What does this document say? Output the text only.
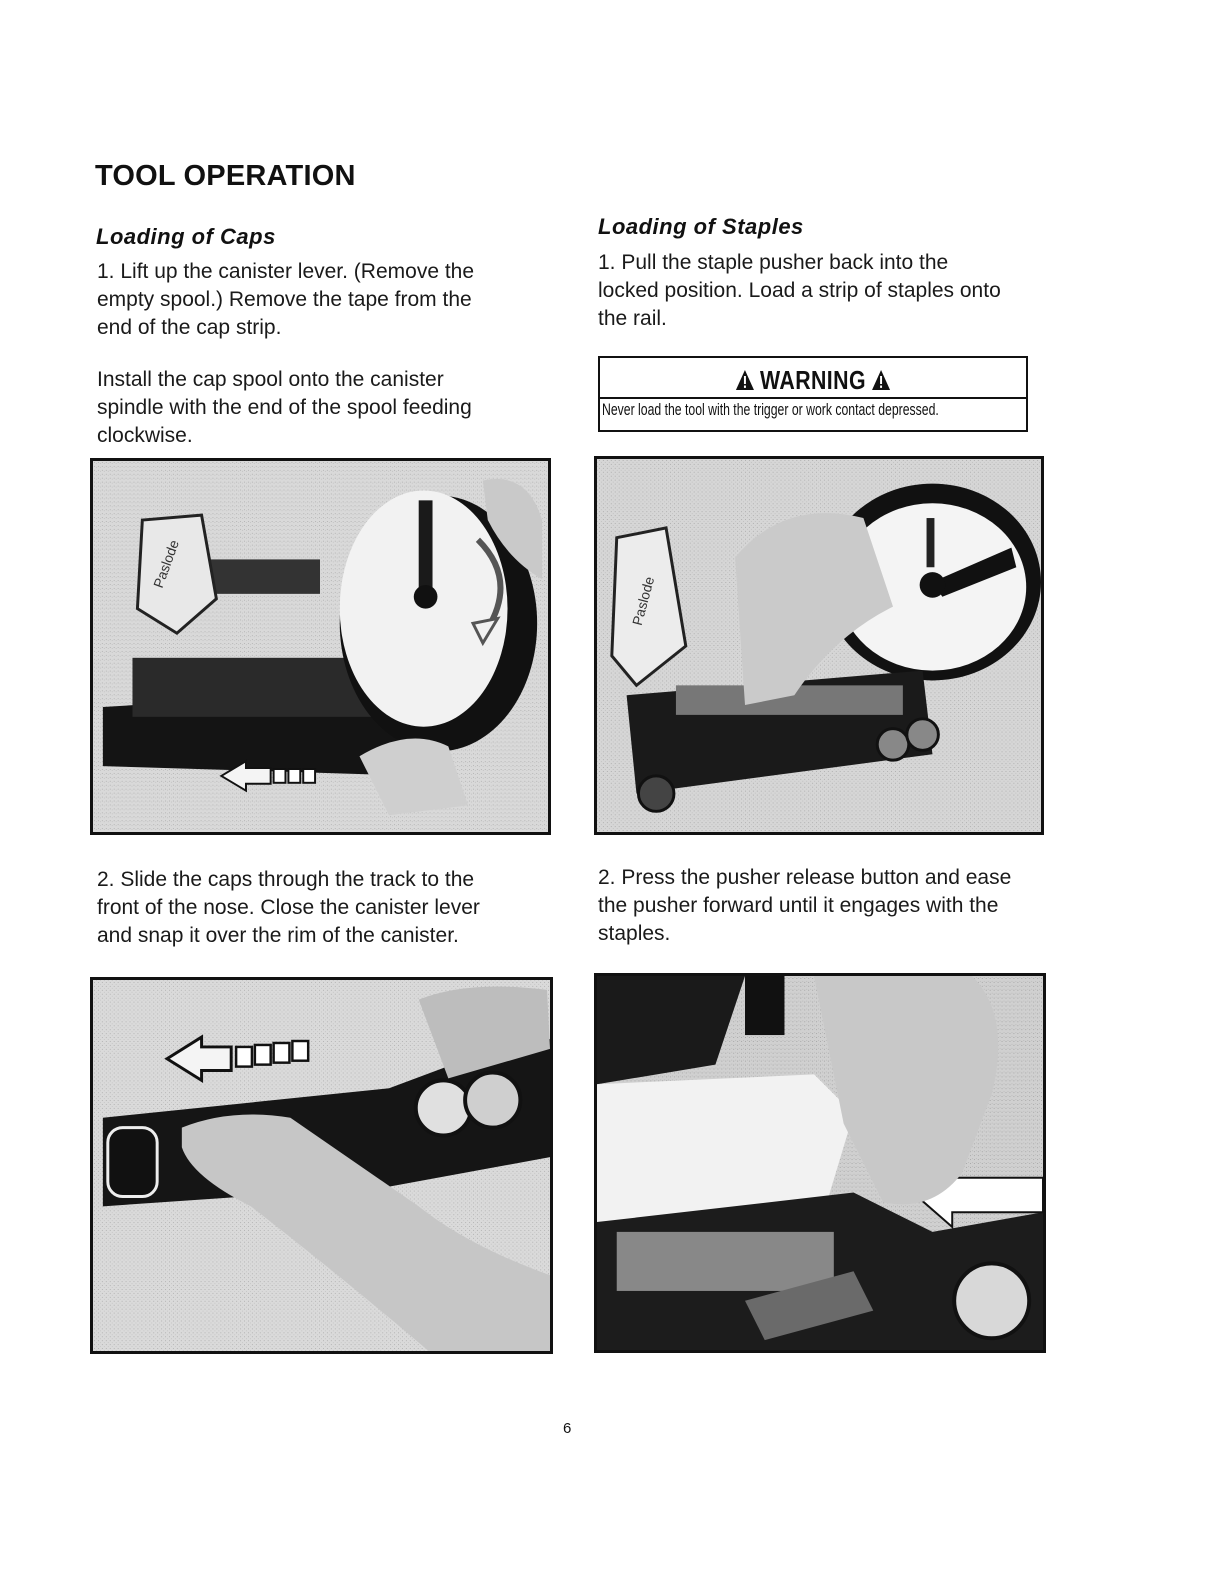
TOOL OPERATION
Loading of Caps
1. Lift up the canister lever. (Remove the
empty spool.) Remove the tape from the
end of the cap strip.
Install the cap spool onto the canister
spindle with the end of the spool feeding
clockwise.
Loading of Staples
1. Pull the staple pusher back into the
locked position. Load a strip of staples onto
the rail.
WARNING
Never load the tool with the trigger or work contact depressed.
Paslode
Paslode
2. Slide the caps through the track to the
front of the nose. Close the canister lever
and snap it over the rim of the canister.
2. Press the pusher release button and ease
the pusher forward until it engages with the
staples.
6
